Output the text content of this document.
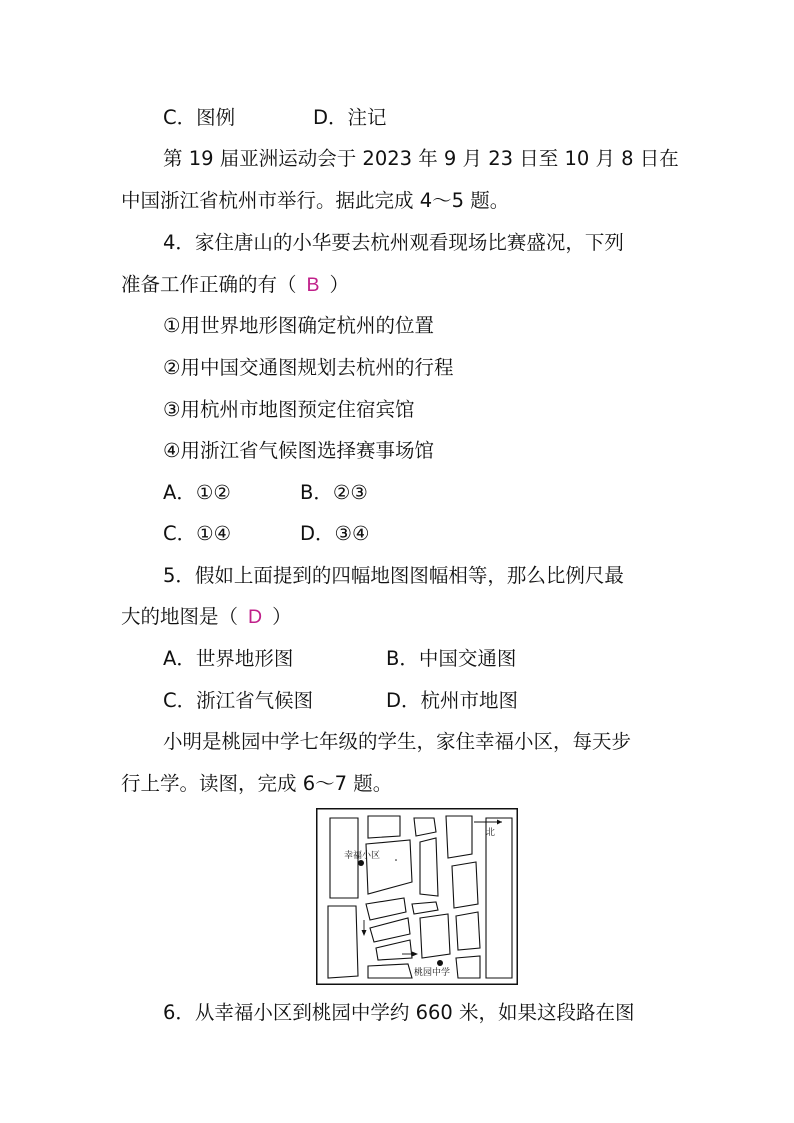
C．图例	D．注记
第 19 届亚洲运动会于 2023 年 9 月 23 日至 10 月 8 日在
中国浙江省杭州市举行。据此完成 4～5 题。
4．家住唐山的小华要去杭州观看现场比赛盛况，下列
准备工作正确的有（ B ）
①用世界地形图确定杭州的位置
②用中国交通图规划去杭州的行程
③用杭州市地图预定住宿宾馆
④用浙江省气候图选择赛事场馆
A．①②	B．②③
C．①④	D．③④
5．假如上面提到的四幅地图图幅相等，那么比例尺最
大的地图是（ D ）
A．世界地形图	B．中国交通图
C．浙江省气候图	D．杭州市地图
小明是桃园中学七年级的学生，家住幸福小区，每天步
行上学。读图，完成 6～7 题。
北
幸福小区
桃园中学
6．从幸福小区到桃园中学约 660 米，如果这段路在图
